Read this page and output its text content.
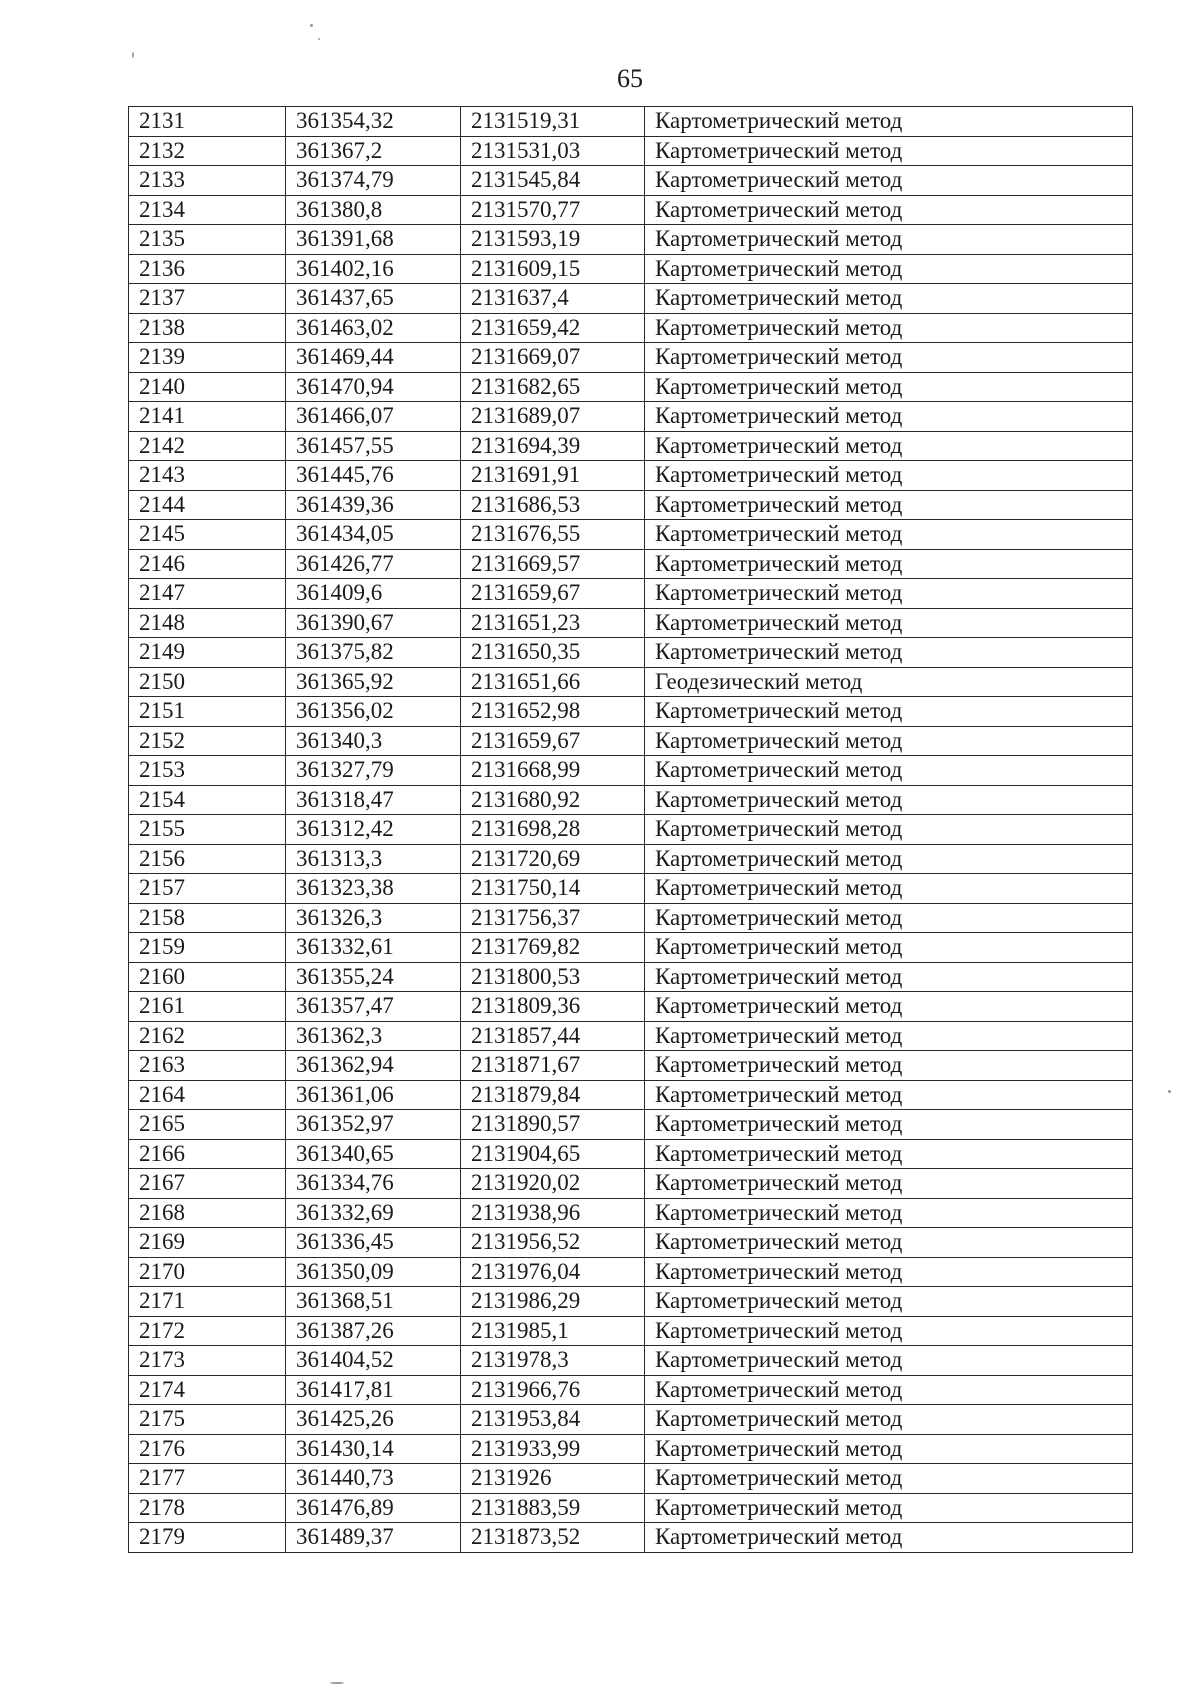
65
2131	361354,32	2131519,31	Картометрический метод
2132	361367,2	2131531,03	Картометрический метод
2133	361374,79	2131545,84	Картометрический метод
2134	361380,8	2131570,77	Картометрический метод
2135	361391,68	2131593,19	Картометрический метод
2136	361402,16	2131609,15	Картометрический метод
2137	361437,65	2131637,4	Картометрический метод
2138	361463,02	2131659,42	Картометрический метод
2139	361469,44	2131669,07	Картометрический метод
2140	361470,94	2131682,65	Картометрический метод
2141	361466,07	2131689,07	Картометрический метод
2142	361457,55	2131694,39	Картометрический метод
2143	361445,76	2131691,91	Картометрический метод
2144	361439,36	2131686,53	Картометрический метод
2145	361434,05	2131676,55	Картометрический метод
2146	361426,77	2131669,57	Картометрический метод
2147	361409,6	2131659,67	Картометрический метод
2148	361390,67	2131651,23	Картометрический метод
2149	361375,82	2131650,35	Картометрический метод
2150	361365,92	2131651,66	Геодезический метод
2151	361356,02	2131652,98	Картометрический метод
2152	361340,3	2131659,67	Картометрический метод
2153	361327,79	2131668,99	Картометрический метод
2154	361318,47	2131680,92	Картометрический метод
2155	361312,42	2131698,28	Картометрический метод
2156	361313,3	2131720,69	Картометрический метод
2157	361323,38	2131750,14	Картометрический метод
2158	361326,3	2131756,37	Картометрический метод
2159	361332,61	2131769,82	Картометрический метод
2160	361355,24	2131800,53	Картометрический метод
2161	361357,47	2131809,36	Картометрический метод
2162	361362,3	2131857,44	Картометрический метод
2163	361362,94	2131871,67	Картометрический метод
2164	361361,06	2131879,84	Картометрический метод
2165	361352,97	2131890,57	Картометрический метод
2166	361340,65	2131904,65	Картометрический метод
2167	361334,76	2131920,02	Картометрический метод
2168	361332,69	2131938,96	Картометрический метод
2169	361336,45	2131956,52	Картометрический метод
2170	361350,09	2131976,04	Картометрический метод
2171	361368,51	2131986,29	Картометрический метод
2172	361387,26	2131985,1	Картометрический метод
2173	361404,52	2131978,3	Картометрический метод
2174	361417,81	2131966,76	Картометрический метод
2175	361425,26	2131953,84	Картометрический метод
2176	361430,14	2131933,99	Картометрический метод
2177	361440,73	2131926	Картометрический метод
2178	361476,89	2131883,59	Картометрический метод
2179	361489,37	2131873,52	Картометрический метод
